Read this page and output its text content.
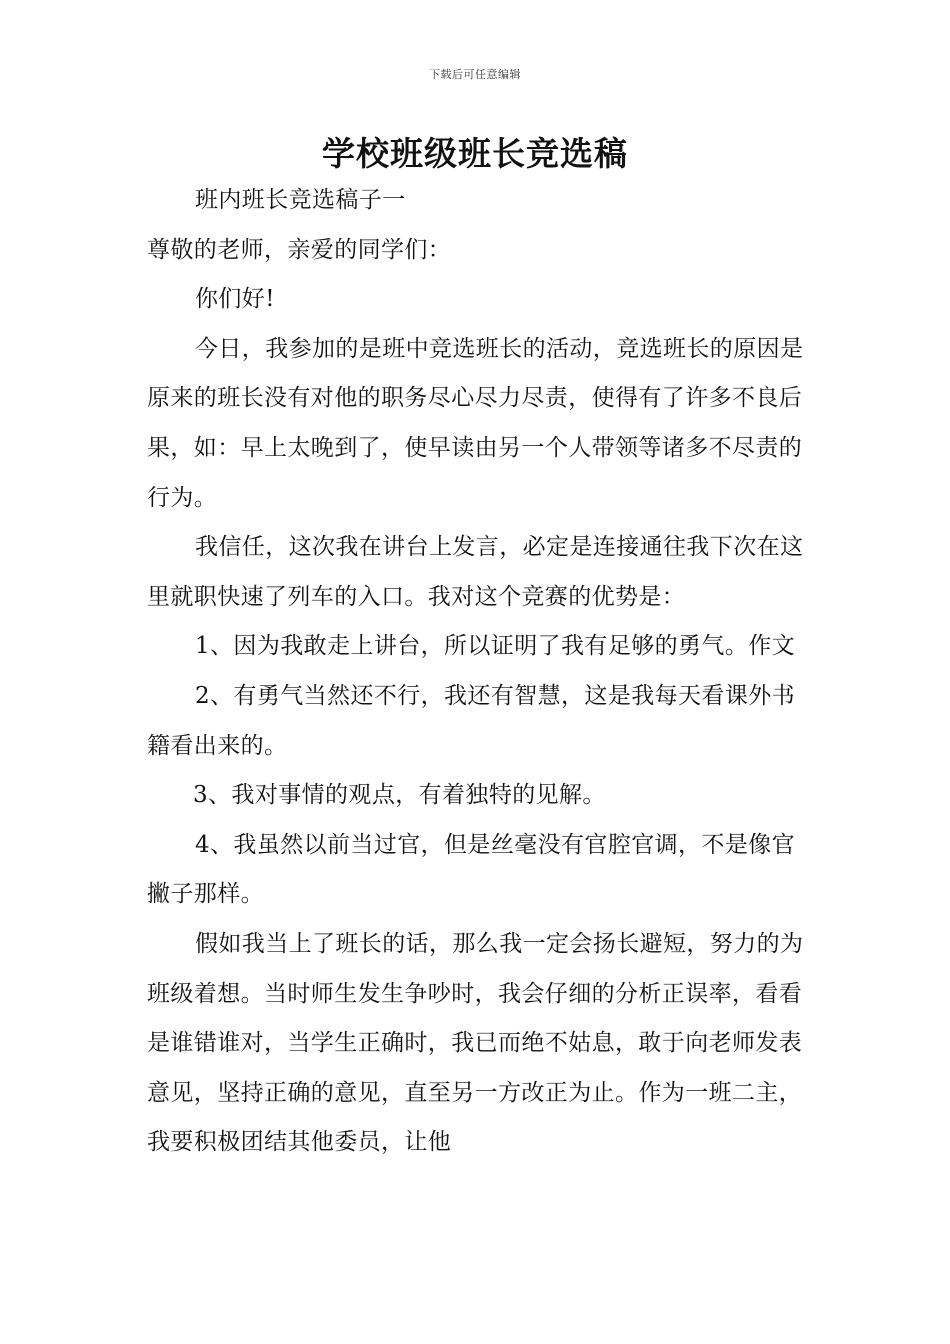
下载后可任意编辑
学校班级班长竞选稿

班内班长竞选稿子一

尊敬的老师，亲爱的同学们：

你们好!

今日，我参加的是班中竞选班长的活动，竞选班长的原因是原来的班长没有对他的职务尽心尽力尽责，使得有了许多不良后果，如：早上太晚到了，使早读由另一个人带领等诸多不尽责的行为。

我信任，这次我在讲台上发言，必定是连接通往我下次在这里就职快速了列车的入口。我对这个竞赛的优势是：

1、因为我敢走上讲台，所以证明了我有足够的勇气。作文

2、有勇气当然还不行，我还有智慧，这是我每天看课外书籍看出来的。

3、我对事情的观点，有着独特的见解。

4、我虽然以前当过官，但是丝毫没有官腔官调，不是像官撇子那样。

假如我当上了班长的话，那么我一定会扬长避短，努力的为班级着想。当时师生发生争吵时，我会仔细的分析正误率，看看是谁错谁对，当学生正确时，我已而绝不姑息，敢于向老师发表意见，坚持正确的意见，直至另一方改正为止。作为一班二主，我要积极团结其他委员，让他
